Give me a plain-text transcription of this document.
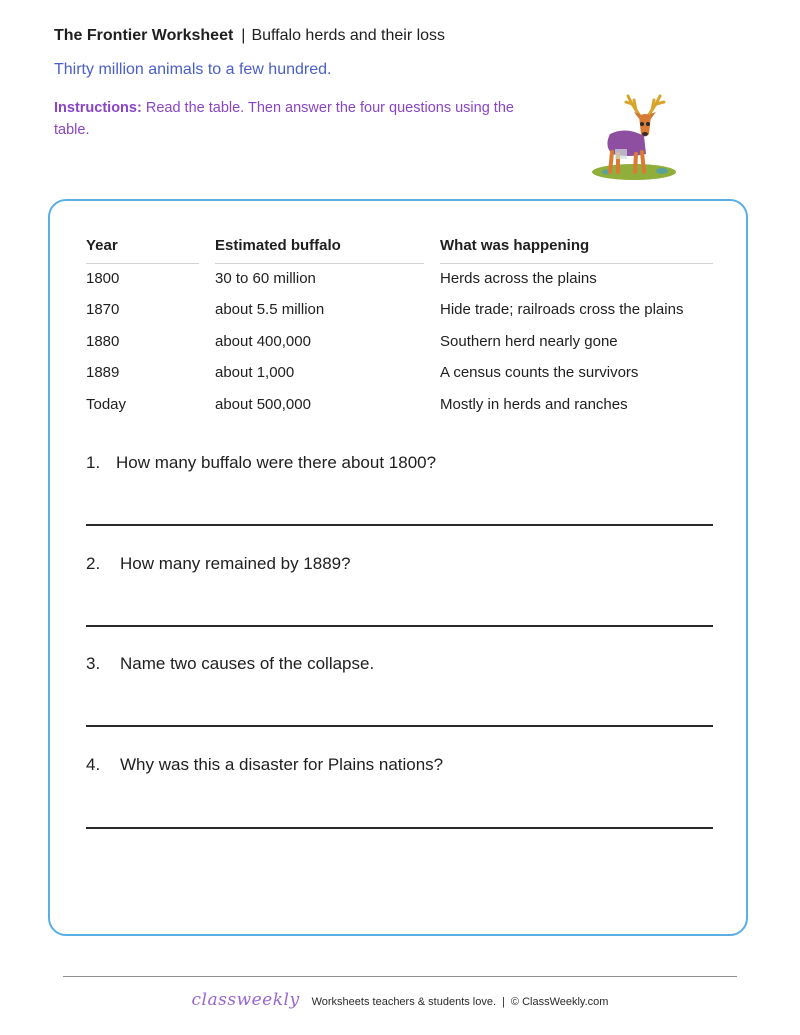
The Frontier Worksheet | Buffalo herds and their loss
Thirty million animals to a few hundred.
Instructions: Read the table. Then answer the four questions using the table.
Year	Estimated buffalo	What was happening
1800	30 to 60 million	Herds across the plains
1870	about 5.5 million	Hide trade; railroads cross the plains
1880	about 400,000	Southern herd nearly gone
1889	about 1,000	A census counts the survivors
Today	about 500,000	Mostly in herds and ranches
1. How many buffalo were there about 1800?
2. How many remained by 1889?
3. Name two causes of the collapse.
4. Why was this a disaster for Plains nations?
classweekly Worksheets teachers & students love. | © ClassWeekly.com
